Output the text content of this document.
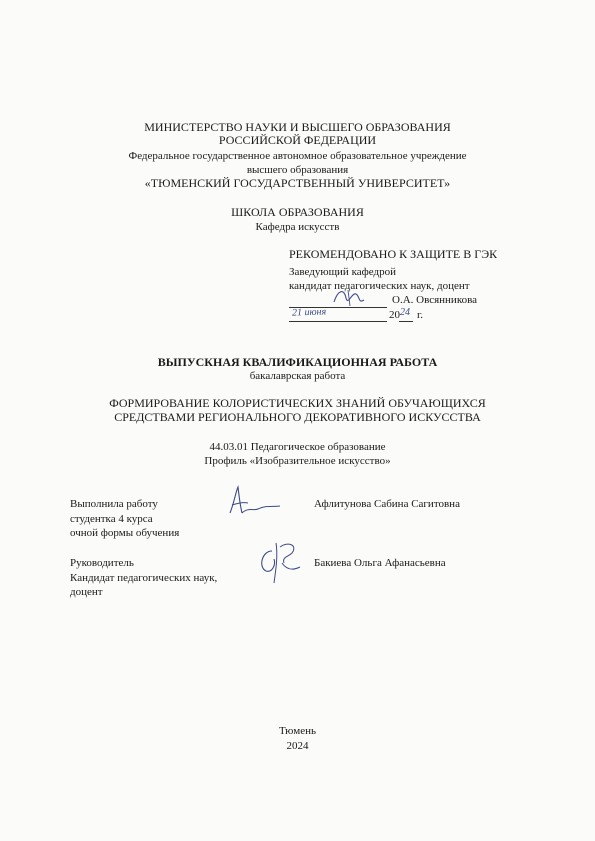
МИНИСТЕРСТВО НАУКИ И ВЫСШЕГО ОБРАЗОВАНИЯ
РОССИЙСКОЙ ФЕДЕРАЦИИ
Федеральное государственное автономное образовательное учреждение
высшего образования
«ТЮМЕНСКИЙ ГОСУДАРСТВЕННЫЙ УНИВЕРСИТЕТ»
ШКОЛА ОБРАЗОВАНИЯ
Кафедра искусств
РЕКОМЕНДОВАНО К ЗАЩИТЕ В ГЭК
Заведующий кафедрой
кандидат педагогических наук, доцент
О.А. Овсянникова
21 июня	20 24 г.
ВЫПУСКНАЯ КВАЛИФИКАЦИОННАЯ РАБОТА
бакалаврская работа
ФОРМИРОВАНИЕ КОЛОРИСТИЧЕСКИХ ЗНАНИЙ ОБУЧАЮЩИХСЯ
СРЕДСТВАМИ РЕГИОНАЛЬНОГО ДЕКОРАТИВНОГО ИСКУССТВА
44.03.01 Педагогическое образование
Профиль «Изобразительное искусство»
Выполнила работу
студентка 4 курса
очной формы обучения
Афлитунова Сабина Сагитовна
Руководитель
Кандидат педагогических наук,
доцент
Бакиева Ольга Афанасьевна
Тюмень
2024
